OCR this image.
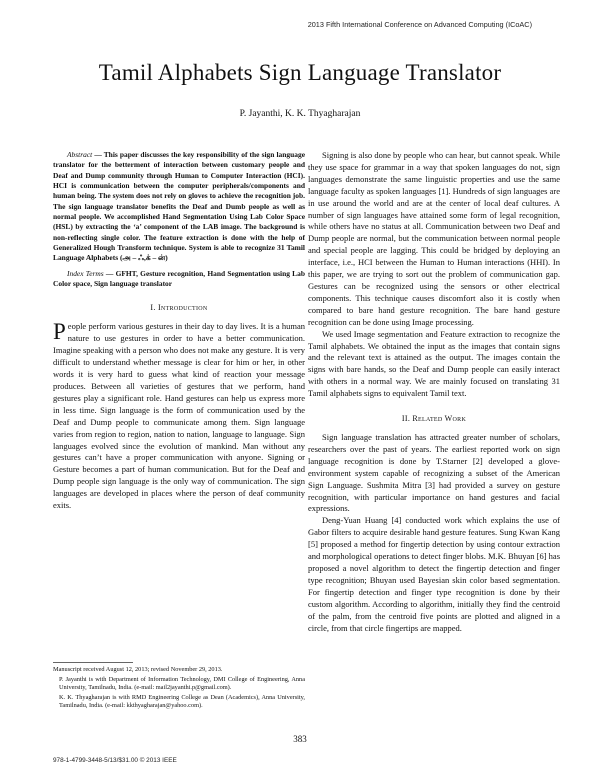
2013 Fifth International Conference on Advanced Computing (ICoAC)
Tamil Alphabets Sign Language Translator
P. Jayanthi, K. K. Thyagharajan

Abstract — This paper discusses the key responsibility of the sign language translator for the betterment of interaction between customary people and Deaf and Dump community through Human to Computer Interaction (HCI). HCI is communication between the computer peripherals/components and human being. The system does not rely on gloves to achieve the recognition job. The sign language translator benefits the Deaf and Dumb people as well as normal people. We accomplished Hand Segmentation Using Lab Color Space (HSL) by extracting the ‘a’ component of the LAB image. The background is non-reflecting single color. The feature extraction is done with the help of Generalized Hough Transform technique. System is able to recognize 31 Tamil Language Alphabets (அ – ஃ,க் – ன்)

Index Terms — GFHT, Gesture recognition, Hand Segmentation using Lab Color space, Sign language translator

I. Introduction

People perform various gestures in their day to day lives. It is a human nature to use gestures in order to have a better communication. Imagine speaking with a person who does not make any gesture. It is very difficult to understand whether message is clear for him or her, in other words it is very hard to guess what kind of reaction your message produces. Between all varieties of gestures that we perform, hand gestures play a significant role. Hand gestures can help us express more in less time. Sign language is the form of communication used by the Deaf and Dump people to communicate among them. Sign language varies from region to region, nation to nation, language to language. Sign languages evolved since the evolution of mankind. Man without any gestures can’t have a proper communication with anyone. Signing or Gesture becomes a part of human communication. But for the Deaf and Dump people sign language is the only way of communication. The sign languages are developed in places where the person of deaf community exits.

Signing is also done by people who can hear, but cannot speak. While they use space for grammar in a way that spoken languages do not, sign languages demonstrate the same linguistic properties and use the same language faculty as spoken languages [1]. Hundreds of sign languages are in use around the world and are at the center of local deaf cultures. A number of sign languages have attained some form of legal recognition, while others have no status at all. Communication between two Deaf and Dump people are normal, but the communication between normal people and special people are lagging. This could be bridged by deploying an interface, i.e., HCI between the Human to Human interactions (HHI). In this paper, we are trying to sort out the problem of communication gap. Gestures can be recognized using the sensors or other electrical components. This technique causes discomfort also it is costly when compared to bare hand gesture recognition. The bare hand gesture recognition can be done using Image processing.

We used Image segmentation and Feature extraction to recognize the Tamil alphabets. We obtained the input as the images that contain signs and the relevant text is attained as the output. The images contain the signs with bare hands, so the Deaf and Dump people can easily interact with others in a normal way. We are mainly focused on translating 31 Tamil alphabets signs to equivalent Tamil text.

II. Related Work

Sign language translation has attracted greater number of scholars, researchers over the past of years. The earliest reported work on sign language recognition is done by T.Starner [2] developed a glove-environment system capable of recognizing a subset of the American Sign Language. Sushmita Mitra [3] had provided a survey on gesture recognition, with particular importance on hand gestures and facial expressions.

Deng-Yuan Huang [4] conducted work which explains the use of Gabor filters to acquire desirable hand gesture features. Sung Kwan Kang [5] proposed a method for fingertip detection by using contour extraction and morphological operations to detect finger blobs. M.K. Bhuyan [6] has proposed a novel algorithm to detect the fingertip detection and finger type recognition; Bhuyan used Bayesian skin color based segmentation. For fingertip detection and finger type recognition is done by their custom algorithm. According to algorithm, initially they find the centroid of the palm, from the centroid five points are plotted and aligned in a circle, from that circle fingertips are mapped.

Manuscript received August 12, 2013; revised November 29, 2013.

P. Jayanthi is with Department of Information Technology, DMI College of Engineering, Anna University, Tamilnadu, India. (e-mail: mail2jayanthi.p@gmail.com).

K. K. Thyagharajan is with RMD Engineering College as Dean (Academics), Anna University, Tamilnadu, India. (e-mail: kkthyagharajan@yahoo.com).

383
978-1-4799-3448-5/13/$31.00 © 2013 IEEE
